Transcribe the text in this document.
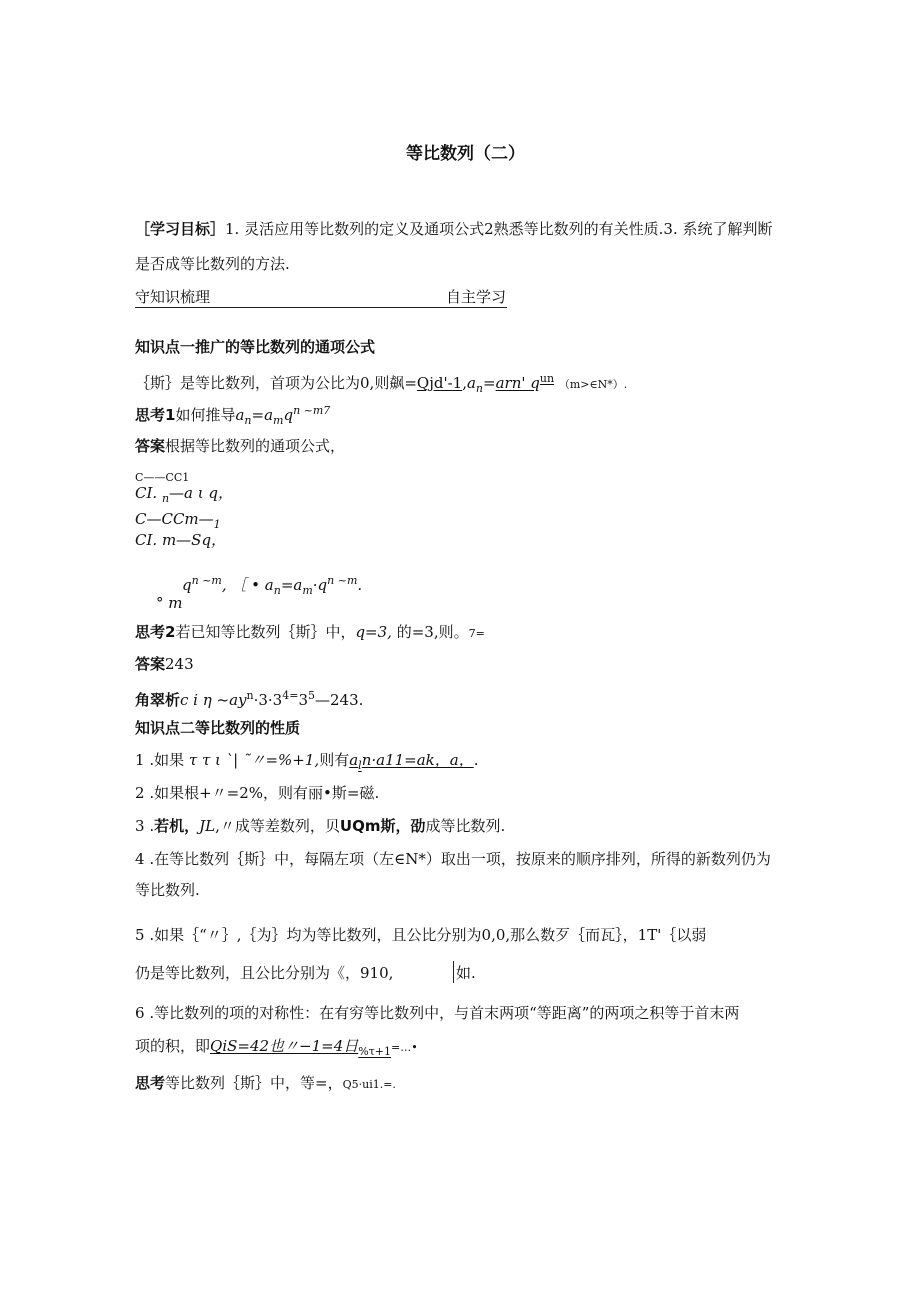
等比数列（二）
［学习目标］1. 灵活应用等比数列的定义及通项公式2熟悉等比数列的有关性质.3. 系统了解判断
是否成等比数列的方法.
守知识梳理	自主学习
知识点一推广的等比数列的通项公式
｛斯｝是等比数列，首项为公比为0,则飙$=Qjd'-1,a_n=arn'$ $q^{un}$ （m>∈N*）.
思考1如何推导$a_n=a_mq^{n \sim m7}$
答案根据等比数列的通项公式，
C——CC1
CI. $_n$—a ι q，
$C—CCm—_1$
CI. m—Sq，
$q^{n \sim m}$, ［ • $a_n=a_m\cdot q^{n \sim m}$.
° m
思考2若已知等比数列｛斯｝中，q=3, 的=3,则。7=
答案243
角翠析c i η $\sim ay^n\cdot 3\cdot 3^{4=}3^5—243$.
知识点二等比数列的性质
1 .如果 τ τ ι ˋ| ˜〃=%+1,则有$a_ln\cdot a11=ak$，a，.
2 .如果根+〃=2%，则有丽•斯=磁.
3 .若机，JL,〃成等差数列，贝UQm斯，劭成等比数列.
4 .在等比数列｛斯｝中，每隔左项（左∈N*）取出一项，按原来的顺序排列，所得的新数列仍为
等比数列.
5 .如果｛“〃｝,｛为｝均为等比数列，且公比分别为0,0,那么数歹｛而瓦｝，1T'｛以弱
仍是等比数列，且公比分别为《，910,	如.
6 .等比数列的项的对称性：在有穷等比数列中，与首末两项“等距离”的两项之积等于首末两
项的积，即QiS=42也〃−1=4日$_{\%\tau+1}$=…•
思考等比数列｛斯｝中，等=，Q5·ui1.=.
